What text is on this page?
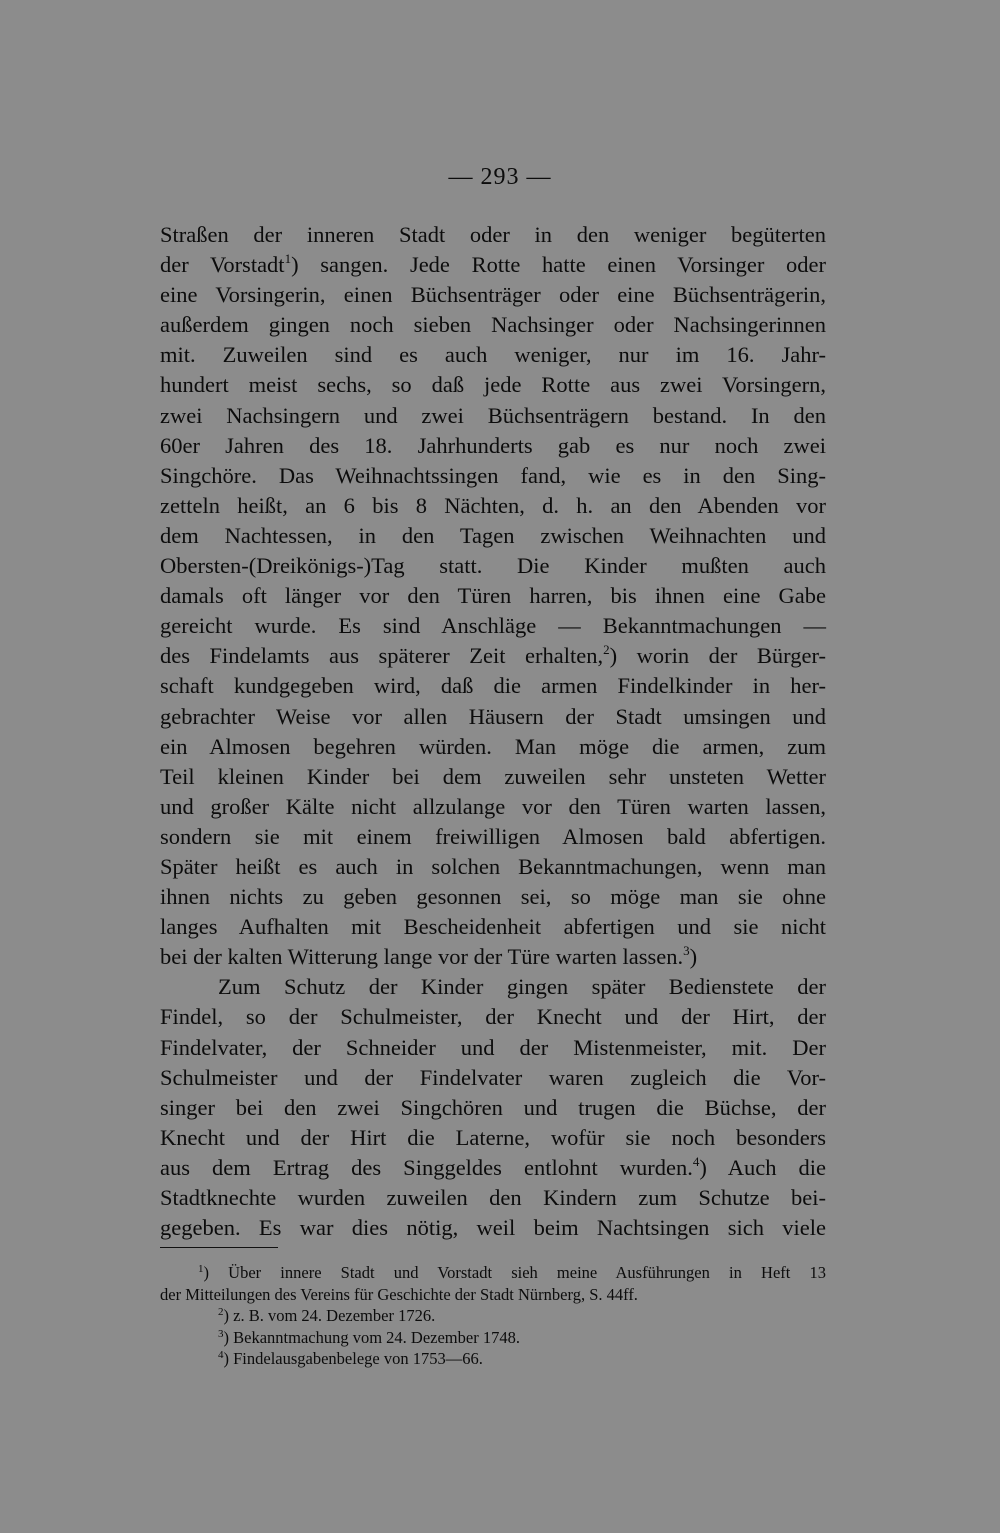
— 293 —
Straßen der inneren Stadt oder in den weniger begüterten
der Vorstadt$^1$) sangen. Jede Rotte hatte einen Vorsinger oder
eine Vorsingerin, einen Büchsenträger oder eine Büchsenträgerin,
außerdem gingen noch sieben Nachsinger oder Nachsingerinnen
mit. Zuweilen sind es auch weniger, nur im 16. Jahr-
hundert meist sechs, so daß jede Rotte aus zwei Vorsingern,
zwei Nachsingern und zwei Büchsenträgern bestand. In den
60er Jahren des 18. Jahrhunderts gab es nur noch zwei
Singchöre. Das Weihnachtssingen fand, wie es in den Sing-
zetteln heißt, an 6 bis 8 Nächten, d. h. an den Abenden vor
dem Nachtessen, in den Tagen zwischen Weihnachten und
Obersten-(Dreikönigs-)Tag statt. Die Kinder mußten auch
damals oft länger vor den Türen harren, bis ihnen eine Gabe
gereicht wurde. Es sind Anschläge — Bekanntmachungen —
des Findelamts aus späterer Zeit erhalten,$^2$) worin der Bürger-
schaft kundgegeben wird, daß die armen Findelkinder in her-
gebrachter Weise vor allen Häusern der Stadt umsingen und
ein Almosen begehren würden. Man möge die armen, zum
Teil kleinen Kinder bei dem zuweilen sehr unsteten Wetter
und großer Kälte nicht allzulange vor den Türen warten lassen,
sondern sie mit einem freiwilligen Almosen bald abfertigen.
Später heißt es auch in solchen Bekanntmachungen, wenn man
ihnen nichts zu geben gesonnen sei, so möge man sie ohne
langes Aufhalten mit Bescheidenheit abfertigen und sie nicht
bei der kalten Witterung lange vor der Türe warten lassen.$^3$)
Zum Schutz der Kinder gingen später Bedienstete der
Findel, so der Schulmeister, der Knecht und der Hirt, der
Findelvater, der Schneider und der Mistenmeister, mit. Der
Schulmeister und der Findelvater waren zugleich die Vor-
singer bei den zwei Singchören und trugen die Büchse, der
Knecht und der Hirt die Laterne, wofür sie noch besonders
aus dem Ertrag des Singgeldes entlohnt wurden.$^4$) Auch die
Stadtknechte wurden zuweilen den Kindern zum Schutze bei-
gegeben. Es war dies nötig, weil beim Nachtsingen sich viele
$^1$) Über innere Stadt und Vorstadt sieh meine Ausführungen in Heft 13
der Mitteilungen des Vereins für Geschichte der Stadt Nürnberg, S. 44ff.
$^2$) z. B. vom 24. Dezember 1726.
$^3$) Bekanntmachung vom 24. Dezember 1748.
$^4$) Findelausgabenbelege von 1753—66.
